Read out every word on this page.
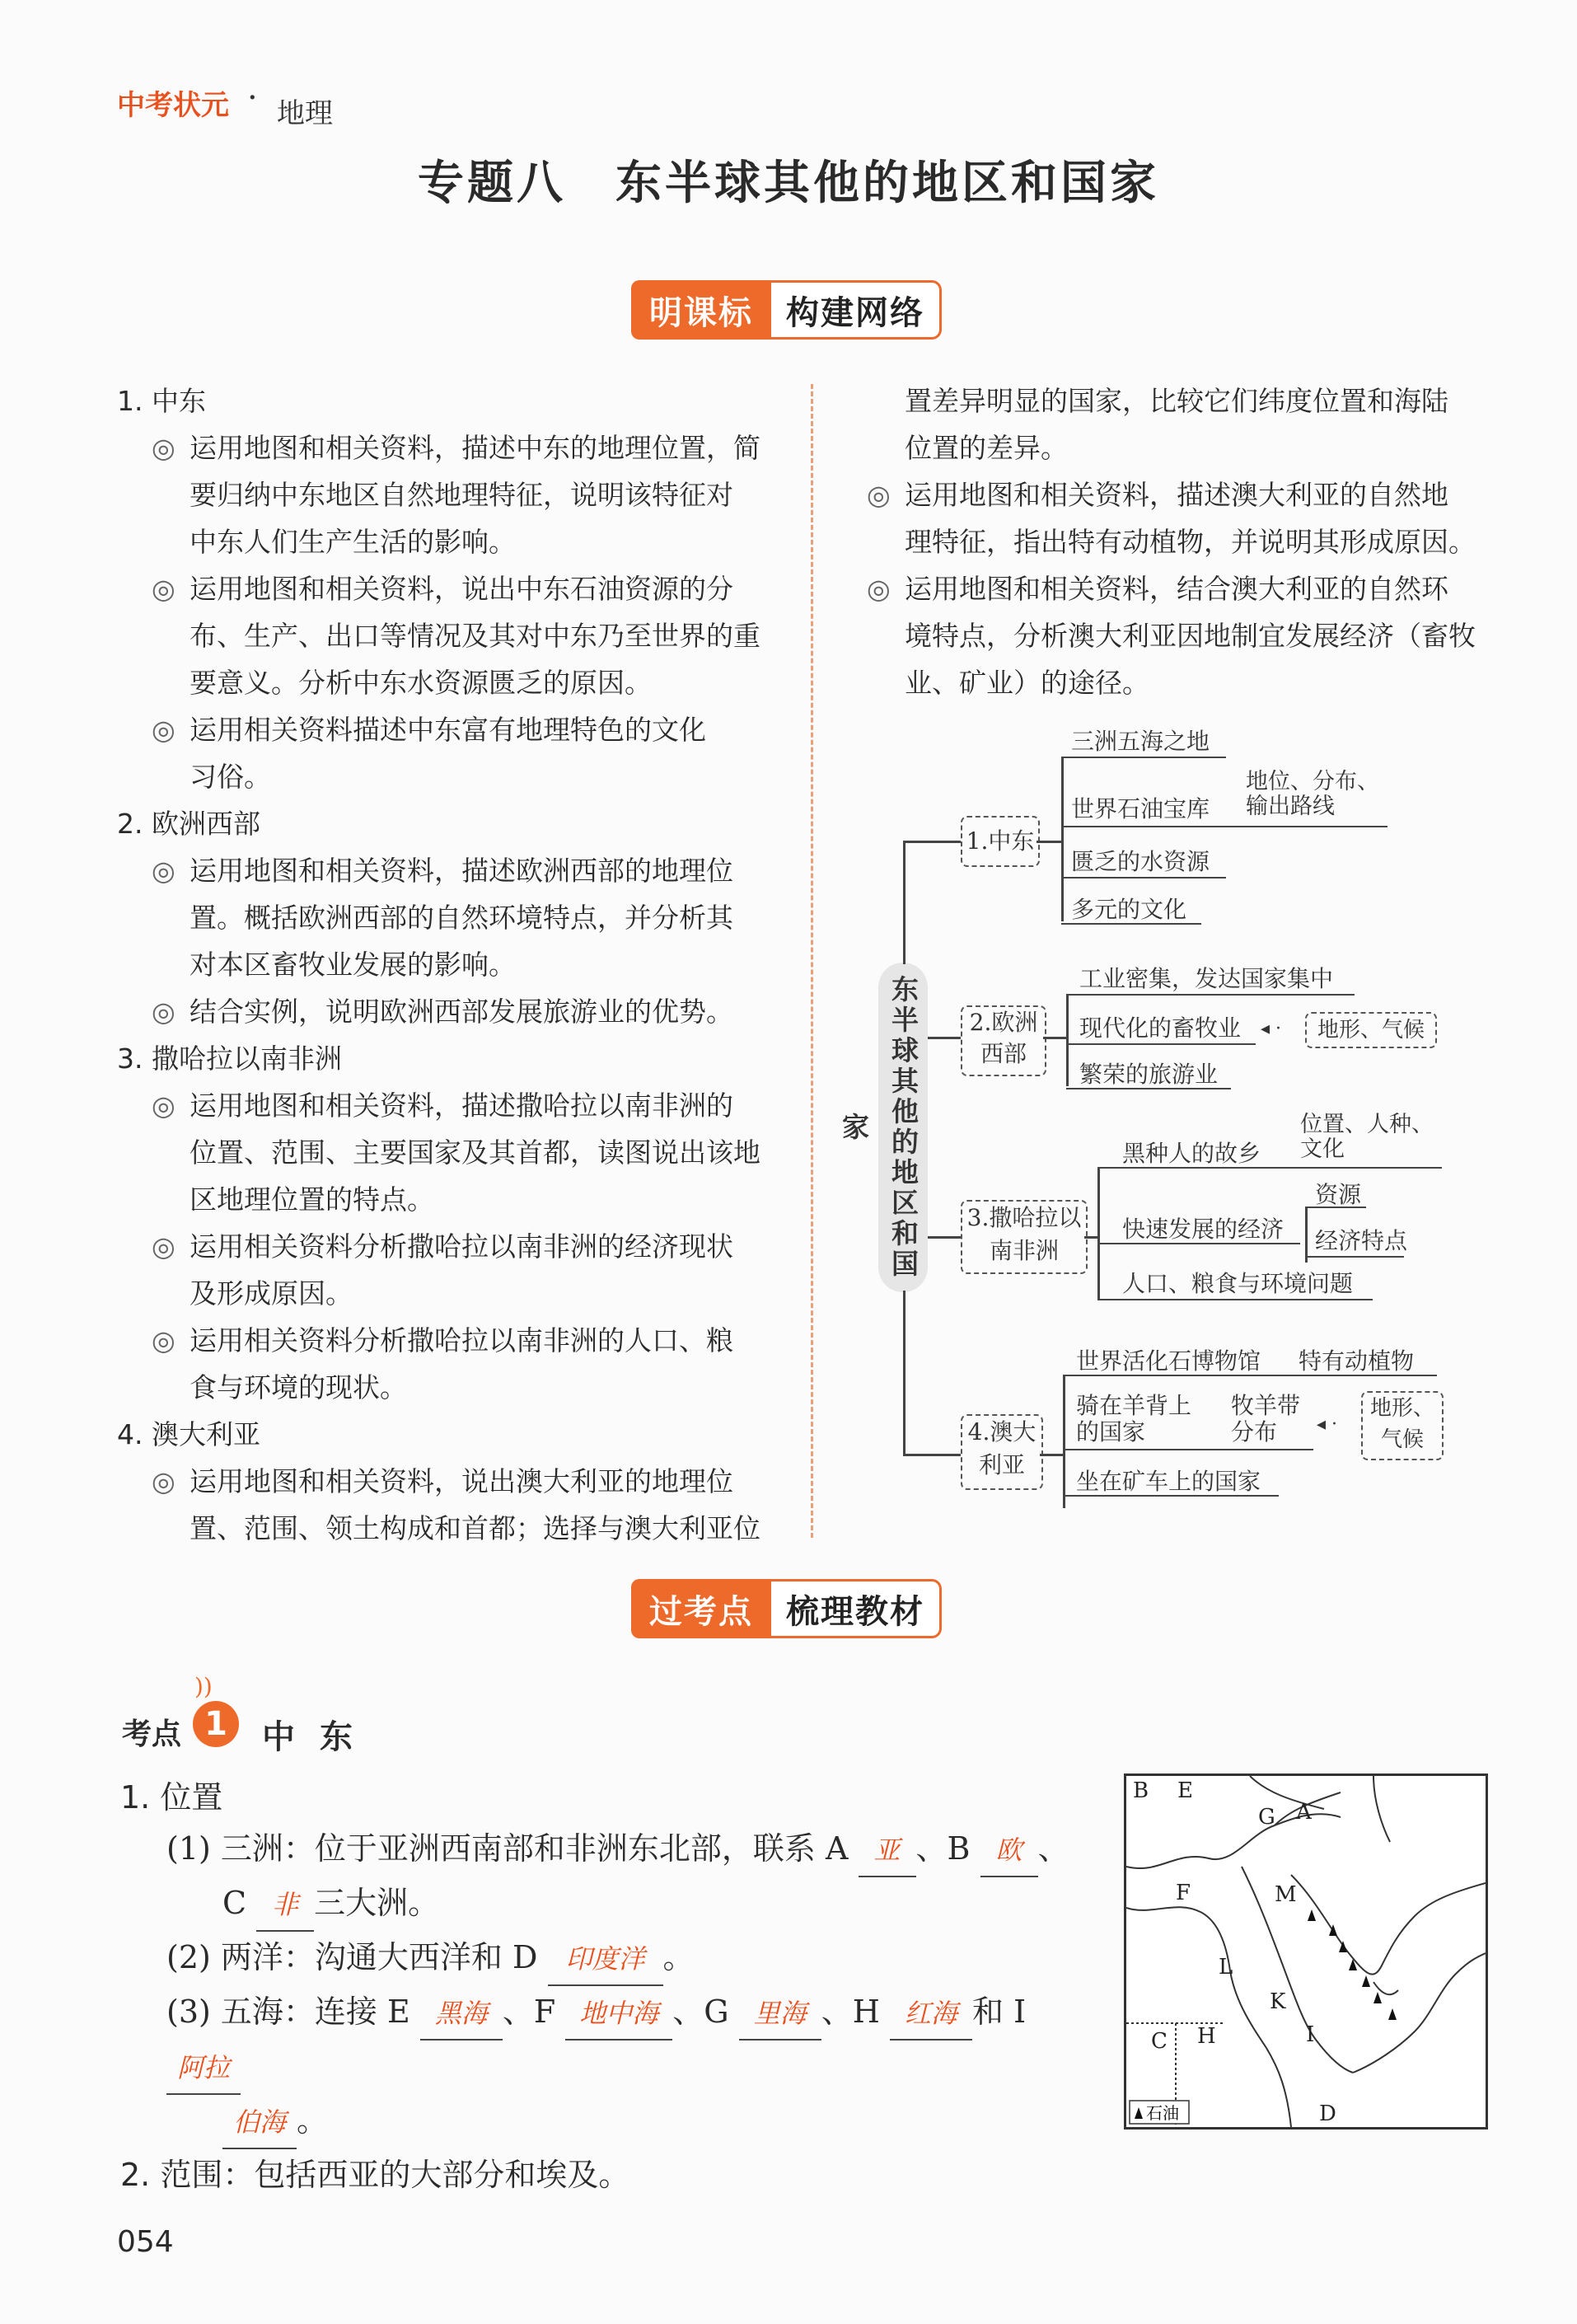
中考状元 · 地理
专题八 东半球其他的地区和国家
明课标	构建网络
1. 中东
◎ 运用地图和相关资料，描述中东的地理位置，简
要归纳中东地区自然地理特征，说明该特征对
中东人们生产生活的影响。
◎ 运用地图和相关资料，说出中东石油资源的分
布、生产、出口等情况及其对中东乃至世界的重
要意义。分析中东水资源匮乏的原因。
◎ 运用相关资料描述中东富有地理特色的文化
习俗。
2. 欧洲西部
◎ 运用地图和相关资料，描述欧洲西部的地理位
置。概括欧洲西部的自然环境特点，并分析其
对本区畜牧业发展的影响。
◎ 结合实例，说明欧洲西部发展旅游业的优势。
3. 撒哈拉以南非洲
◎ 运用地图和相关资料，描述撒哈拉以南非洲的
位置、范围、主要国家及其首都，读图说出该地
区地理位置的特点。
◎ 运用相关资料分析撒哈拉以南非洲的经济现状
及形成原因。
◎ 运用相关资料分析撒哈拉以南非洲的人口、粮
食与环境的现状。
4. 澳大利亚
◎ 运用地图和相关资料，说出澳大利亚的地理位
置、范围、领土构成和首都；选择与澳大利亚位
置差异明显的国家，比较它们纬度位置和海陆
位置的差异。
◎ 运用地图和相关资料，描述澳大利亚的自然地
理特征，指出特有动植物，并说明其形成原因。
◎ 运用地图和相关资料，结合澳大利亚的自然环
境特点，分析澳大利亚因地制宜发展经济（畜牧
业、矿业）的途径。
东半球其他的地区和国家
1.中东
三洲五海之地
世界石油宝库
地位、分布、
输出路线
匮乏的水资源
多元的文化
2.欧洲
西部
工业密集，发达国家集中
现代化的畜牧业 ◂ ·	地形、气候
繁荣的旅游业
3.撒哈拉以
南非洲
黑种人的故乡
位置、人种、
文化
快速发展的经济
资源
经济特点
人口、粮食与环境问题
4.澳大
利亚
世界活化石博物馆 特有动植物
骑在羊背上
的国家
牧羊带
分布	◂ ·
地形、
气候
坐在矿车上的国家
过考点	梳理教材
考点
))
1	中东
1. 位置
(1) 三洲：位于亚洲西南部和非洲东北部，联系 A 亚 、B 欧 、
C 非 三大洲。
(2) 两洋：沟通大西洋和 D 印度洋 。
(3) 五海：连接 E 黑海 、F 地中海 、G 里海 、H 红海 和 I 阿拉
伯海 。
2. 范围：包括西亚的大部分和埃及。
B E
G A
F	M
L
K
C H	I
D
石油
054
